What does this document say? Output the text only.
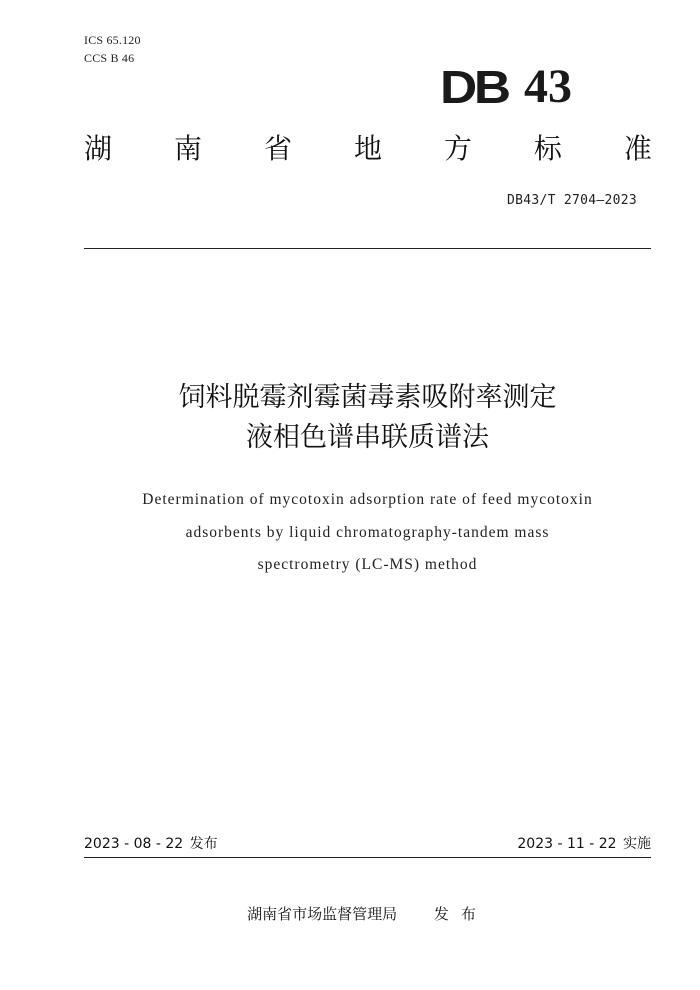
ICS 65.120
CCS B 46
DB 43
湖 南 省 地 方 标 准
DB43/T 2704—2023
饲料脱霉剂霉菌毒素吸附率测定
液相色谱串联质谱法
Determination of mycotoxin adsorption rate of feed mycotoxin
adsorbents by liquid chromatography-tandem mass
spectrometry (LC-MS) method
2023 - 08 - 22 发布	2023 - 11 - 22 实施
湖南省市场监督管理局 发布
